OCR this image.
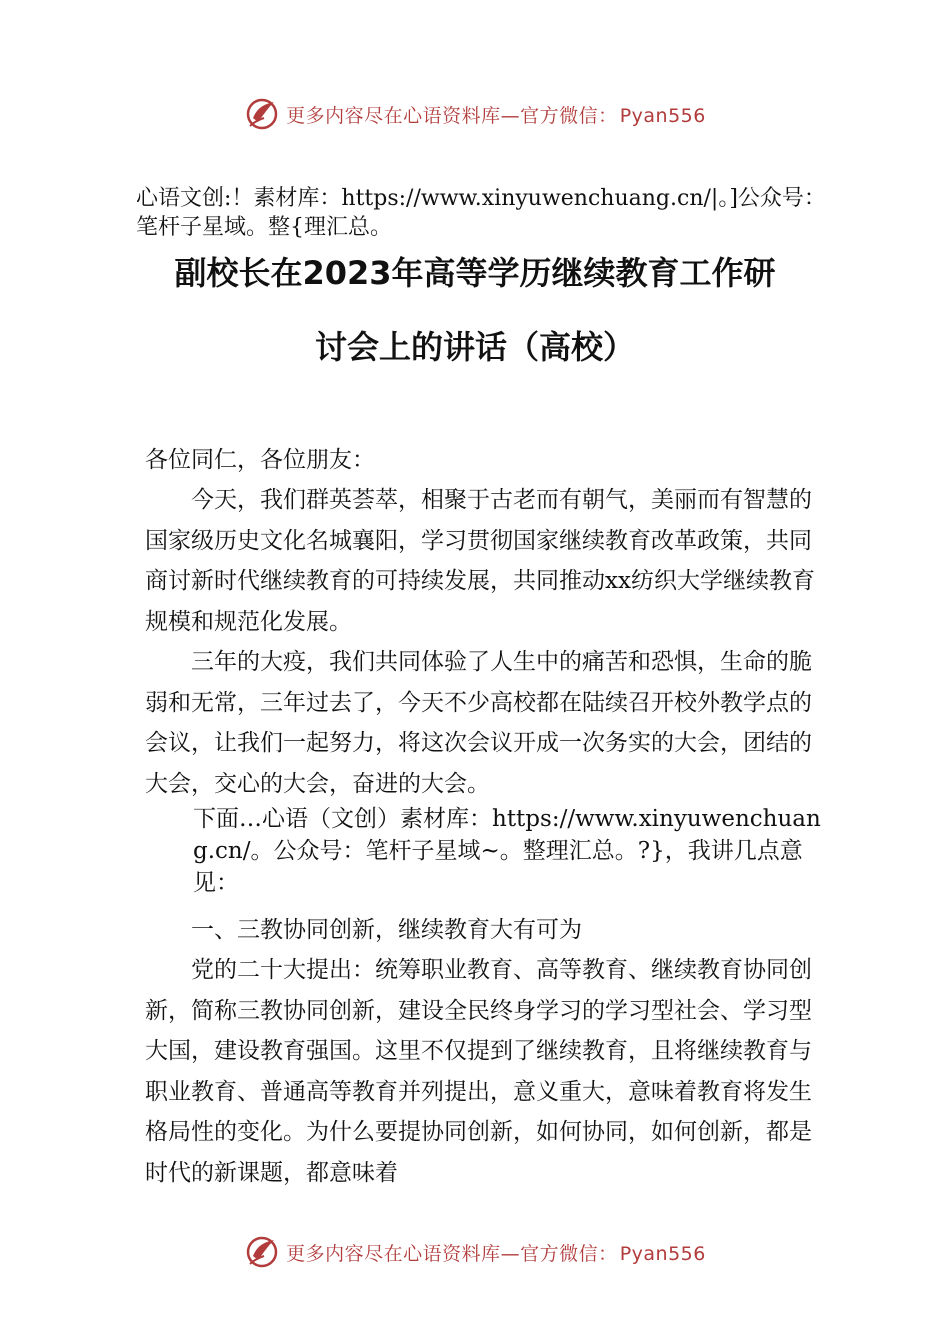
更多内容尽在心语资料库—官方微信： Pyan556
心语文创:！素材库：https://www.xinyuwenchuang.cn/|。]公众号：笔杆子星域。整{理汇总。
副校长在2023年高等学历继续教育工作研
讨会上的讲话（高校）

各位同仁，各位朋友：

今天，我们群英荟萃，相聚于古老而有朝气，美丽而有智慧的国家级历史文化名城襄阳，学习贯彻国家继续教育改革政策，共同商讨新时代继续教育的可持续发展，共同推动xx纺织大学继续教育规模和规范化发展。

三年的大疫，我们共同体验了人生中的痛苦和恐惧，生命的脆弱和无常，三年过去了，今天不少高校都在陆续召开校外教学点的会议，让我们一起努力，将这次会议开成一次务实的大会，团结的大会，交心的大会，奋进的大会。

下面…心语（文创）素材库：https://www.xinyuwenchuang.cn/。公众号：笔杆子星域~。整理汇总。?}，我讲几点意见：

一、三教协同创新，继续教育大有可为

党的二十大提出：统筹职业教育、高等教育、继续教育协同创新，简称三教协同创新，建设全民终身学习的学习型社会、学习型大国，建设教育强国。这里不仅提到了继续教育，且将继续教育与职业教育、普通高等教育并列提出，意义重大，意味着教育将发生格局性的变化。为什么要提协同创新，如何协同，如何创新，都是时代的新课题，都意味着

更多内容尽在心语资料库—官方微信： Pyan556
